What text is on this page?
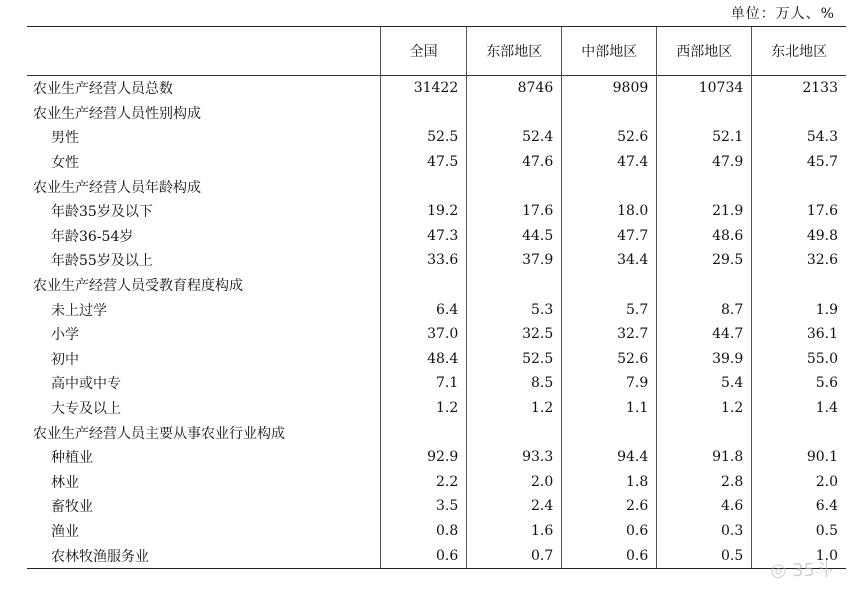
单位：万人、%
	全国	东部地区	中部地区	西部地区	东北地区
农业生产经营人员总数	31422	8746	9809	10734	2133
农业生产经营人员性别构成					
男性	52.5	52.4	52.6	52.1	54.3
女性	47.5	47.6	47.4	47.9	45.7
农业生产经营人员年龄构成					
年龄35岁及以下	19.2	17.6	18.0	21.9	17.6
年龄36-54岁	47.3	44.5	47.7	48.6	49.8
年龄55岁及以上	33.6	37.9	34.4	29.5	32.6
农业生产经营人员受教育程度构成					
未上过学	6.4	5.3	5.7	8.7	1.9
小学	37.0	32.5	32.7	44.7	36.1
初中	48.4	52.5	52.6	39.9	55.0
高中或中专	7.1	8.5	7.9	5.4	5.6
大专及以上	1.2	1.2	1.1	1.2	1.4
农业生产经营人员主要从事农业行业构成					
种植业	92.9	93.3	94.4	91.8	90.1
林业	2.2	2.0	1.8	2.8	2.0
畜牧业	3.5	2.4	2.6	4.6	6.4
渔业	0.8	1.6	0.6	0.3	0.5
农林牧渔服务业	0.6	0.7	0.6	0.5	1.0
◎ 35斗
